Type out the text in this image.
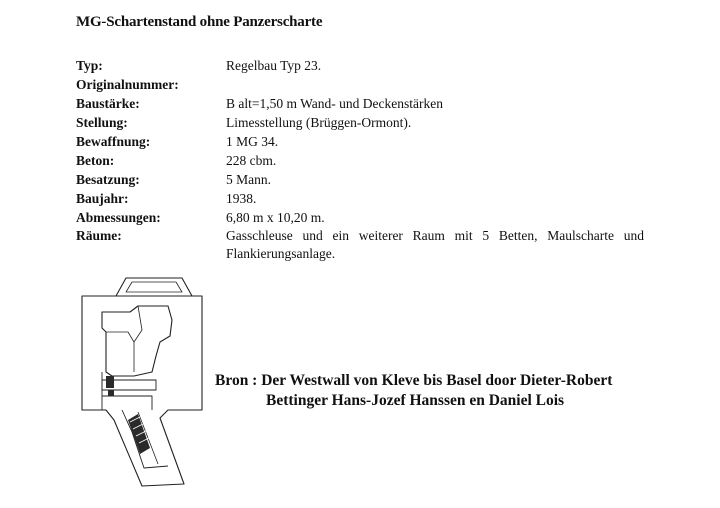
MG-Schartenstand ohne Panzerscharte
Typ:	Regelbau Typ 23.
Originalnummer:
Baustärke:	B alt=1,50 m Wand- und Deckenstärken
Stellung:	Limesstellung (Brüggen-Ormont).
Bewaffnung:	1 MG 34.
Beton:	228 cbm.
Besatzung:	5 Mann.
Baujahr:	1938.
Abmessungen:	6,80 m x 10,20 m.
Räume:	Gasschleuse und ein weiterer Raum mit 5 Betten, Maulscharte und Flankierungsanlage.
Bron : Der Westwall von Kleve bis Basel door Dieter-Robert
Bettinger Hans-Jozef Hanssen en Daniel Lois
